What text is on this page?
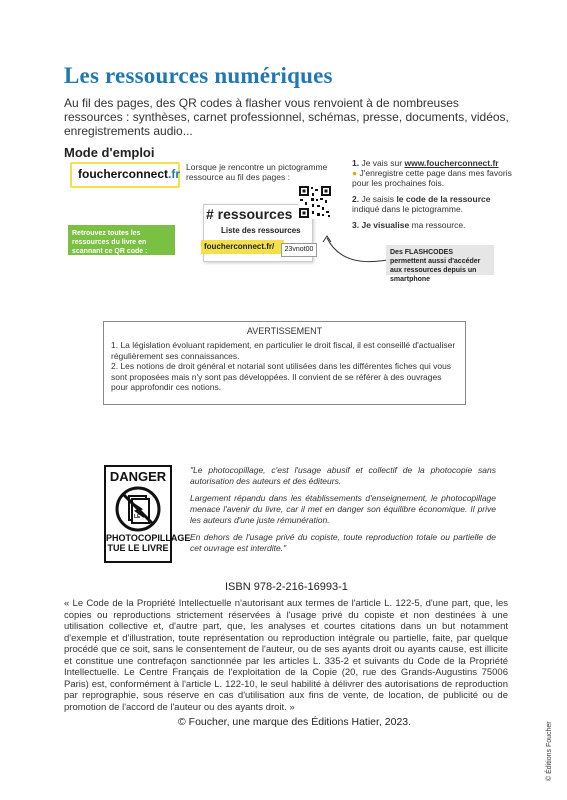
Les ressources numériques
Au fil des pages, des QR codes à flasher vous renvoient à de nombreuses ressources : synthèses, carnet professionnel, schémas, presse, documents, vidéos, enregistrements audio...
Mode d'emploi
foucherconnect.fr Lorsque je rencontre un pictogramme ressource au fil des pages :
Retrouvez toutes les ressources du livre en scannant ce QR code :
# ressources
Liste des ressources
foucherconnect.fr/	23vnot00

1. Je vais sur www.foucherconnect.fr
● J'enregistre cette page dans mes favoris pour les prochaines fois.

2. Je saisis le code de la ressource indiqué dans le pictogramme.

3. Je visualise ma ressource.

Des FLASHCODES permettent aussi d'accéder aux ressources depuis un smartphone
AVERTISSEMENT
1. La législation évoluant rapidement, en particulier le droit fiscal, il est conseillé d'actualiser régulièrement ses connaissances.
2. Les notions de droit général et notarial sont utilisées dans les différentes fiches qui vous sont proposées mais n'y sont pas développées. Il convient de se référer à des ouvrages pour approfondir ces notions.
DANGER
LE
PHOTOCOPILLAGE
TUE LE LIVRE

"Le photocopillage, c'est l'usage abusif et collectif de la photocopie sans autorisation des auteurs et des éditeurs.

Largement répandu dans les établissements d'enseignement, le photocopillage menace l'avenir du livre, car il met en danger son équilibre économique. Il prive les auteurs d'une juste rémunération.

En dehors de l'usage privé du copiste, toute reproduction totale ou partielle de cet ouvrage est interdite."

ISBN 978-2-216-16993-1
« Le Code de la Propriété Intellectuelle n'autorisant aux termes de l'article L. 122-5, d'une part, que, les copies ou reproductions strictement réservées à l'usage privé du copiste et non destinées à une utilisation collective et, d'autre part, que, les analyses et courtes citations dans un but notamment d'exemple et d'illustration, toute représentation ou reproduction intégrale ou partielle, faite, par quelque procédé que ce soit, sans le consentement de l'auteur, ou de ses ayants droit ou ayants cause, est illicite et constitue une contrefaçon sanctionnée par les articles L. 335-2 et suivants du Code de la Propriété Intellectuelle. Le Centre Français de l'exploitation de la Copie (20, rue des Grands-Augustins 75006 Paris) est, conformément à l'article L. 122-10, le seul habilité à délivrer des autorisations de reproduction par reprographie, sous réserve en cas d'utilisation aux fins de vente, de location, de publicité ou de promotion de l'accord de l'auteur ou des ayants droit. »
© Foucher, une marque des Éditions Hatier, 2023.	© Éditions Foucher
